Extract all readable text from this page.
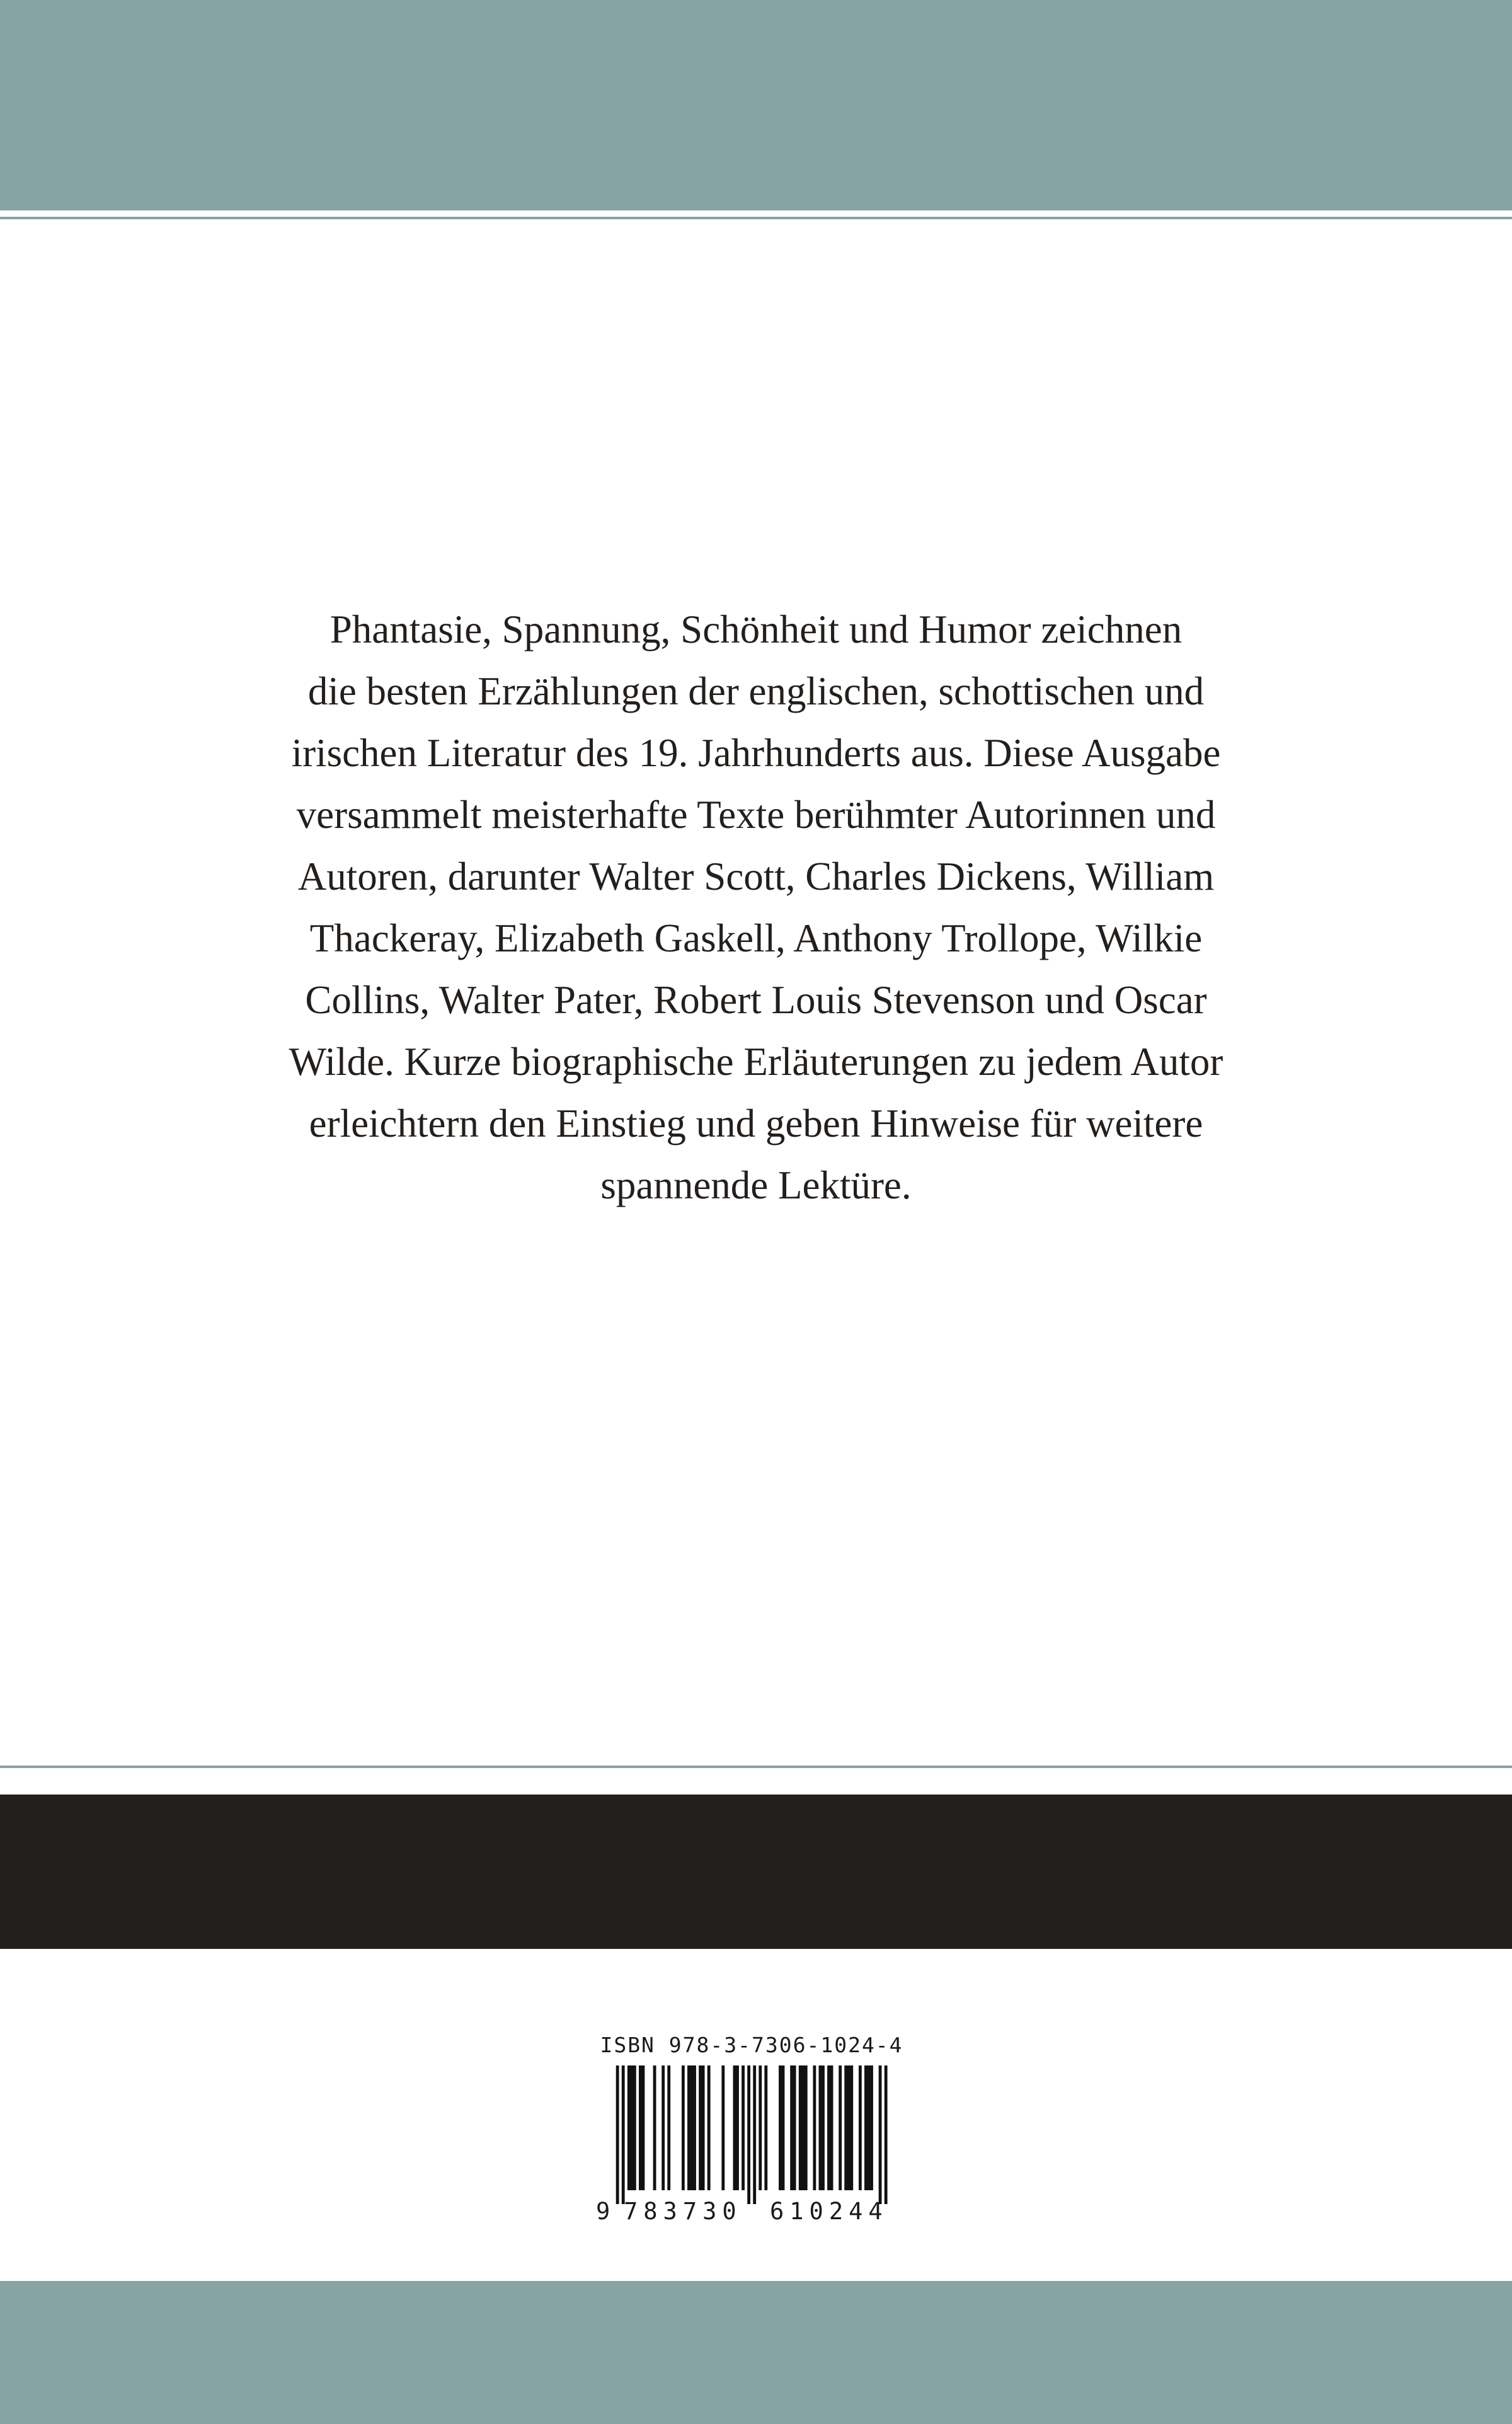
Phantasie, Spannung, Schönheit und Humor zeichnen
die besten Erzählungen der englischen, schottischen und
irischen Literatur des 19. Jahrhunderts aus. Diese Ausgabe
versammelt meisterhafte Texte berühmter Autorinnen und
Autoren, darunter Walter Scott, Charles Dickens, William
Thackeray, Elizabeth Gaskell, Anthony Trollope, Wilkie
Collins, Walter Pater, Robert Louis Stevenson und Oscar
Wilde. Kurze biographische Erläuterungen zu jedem Autor
erleichtern den Einstieg und geben Hinweise für weitere
spannende Lektüre.

ISBN 978-3-7306-1024-4
9 783730 610244
